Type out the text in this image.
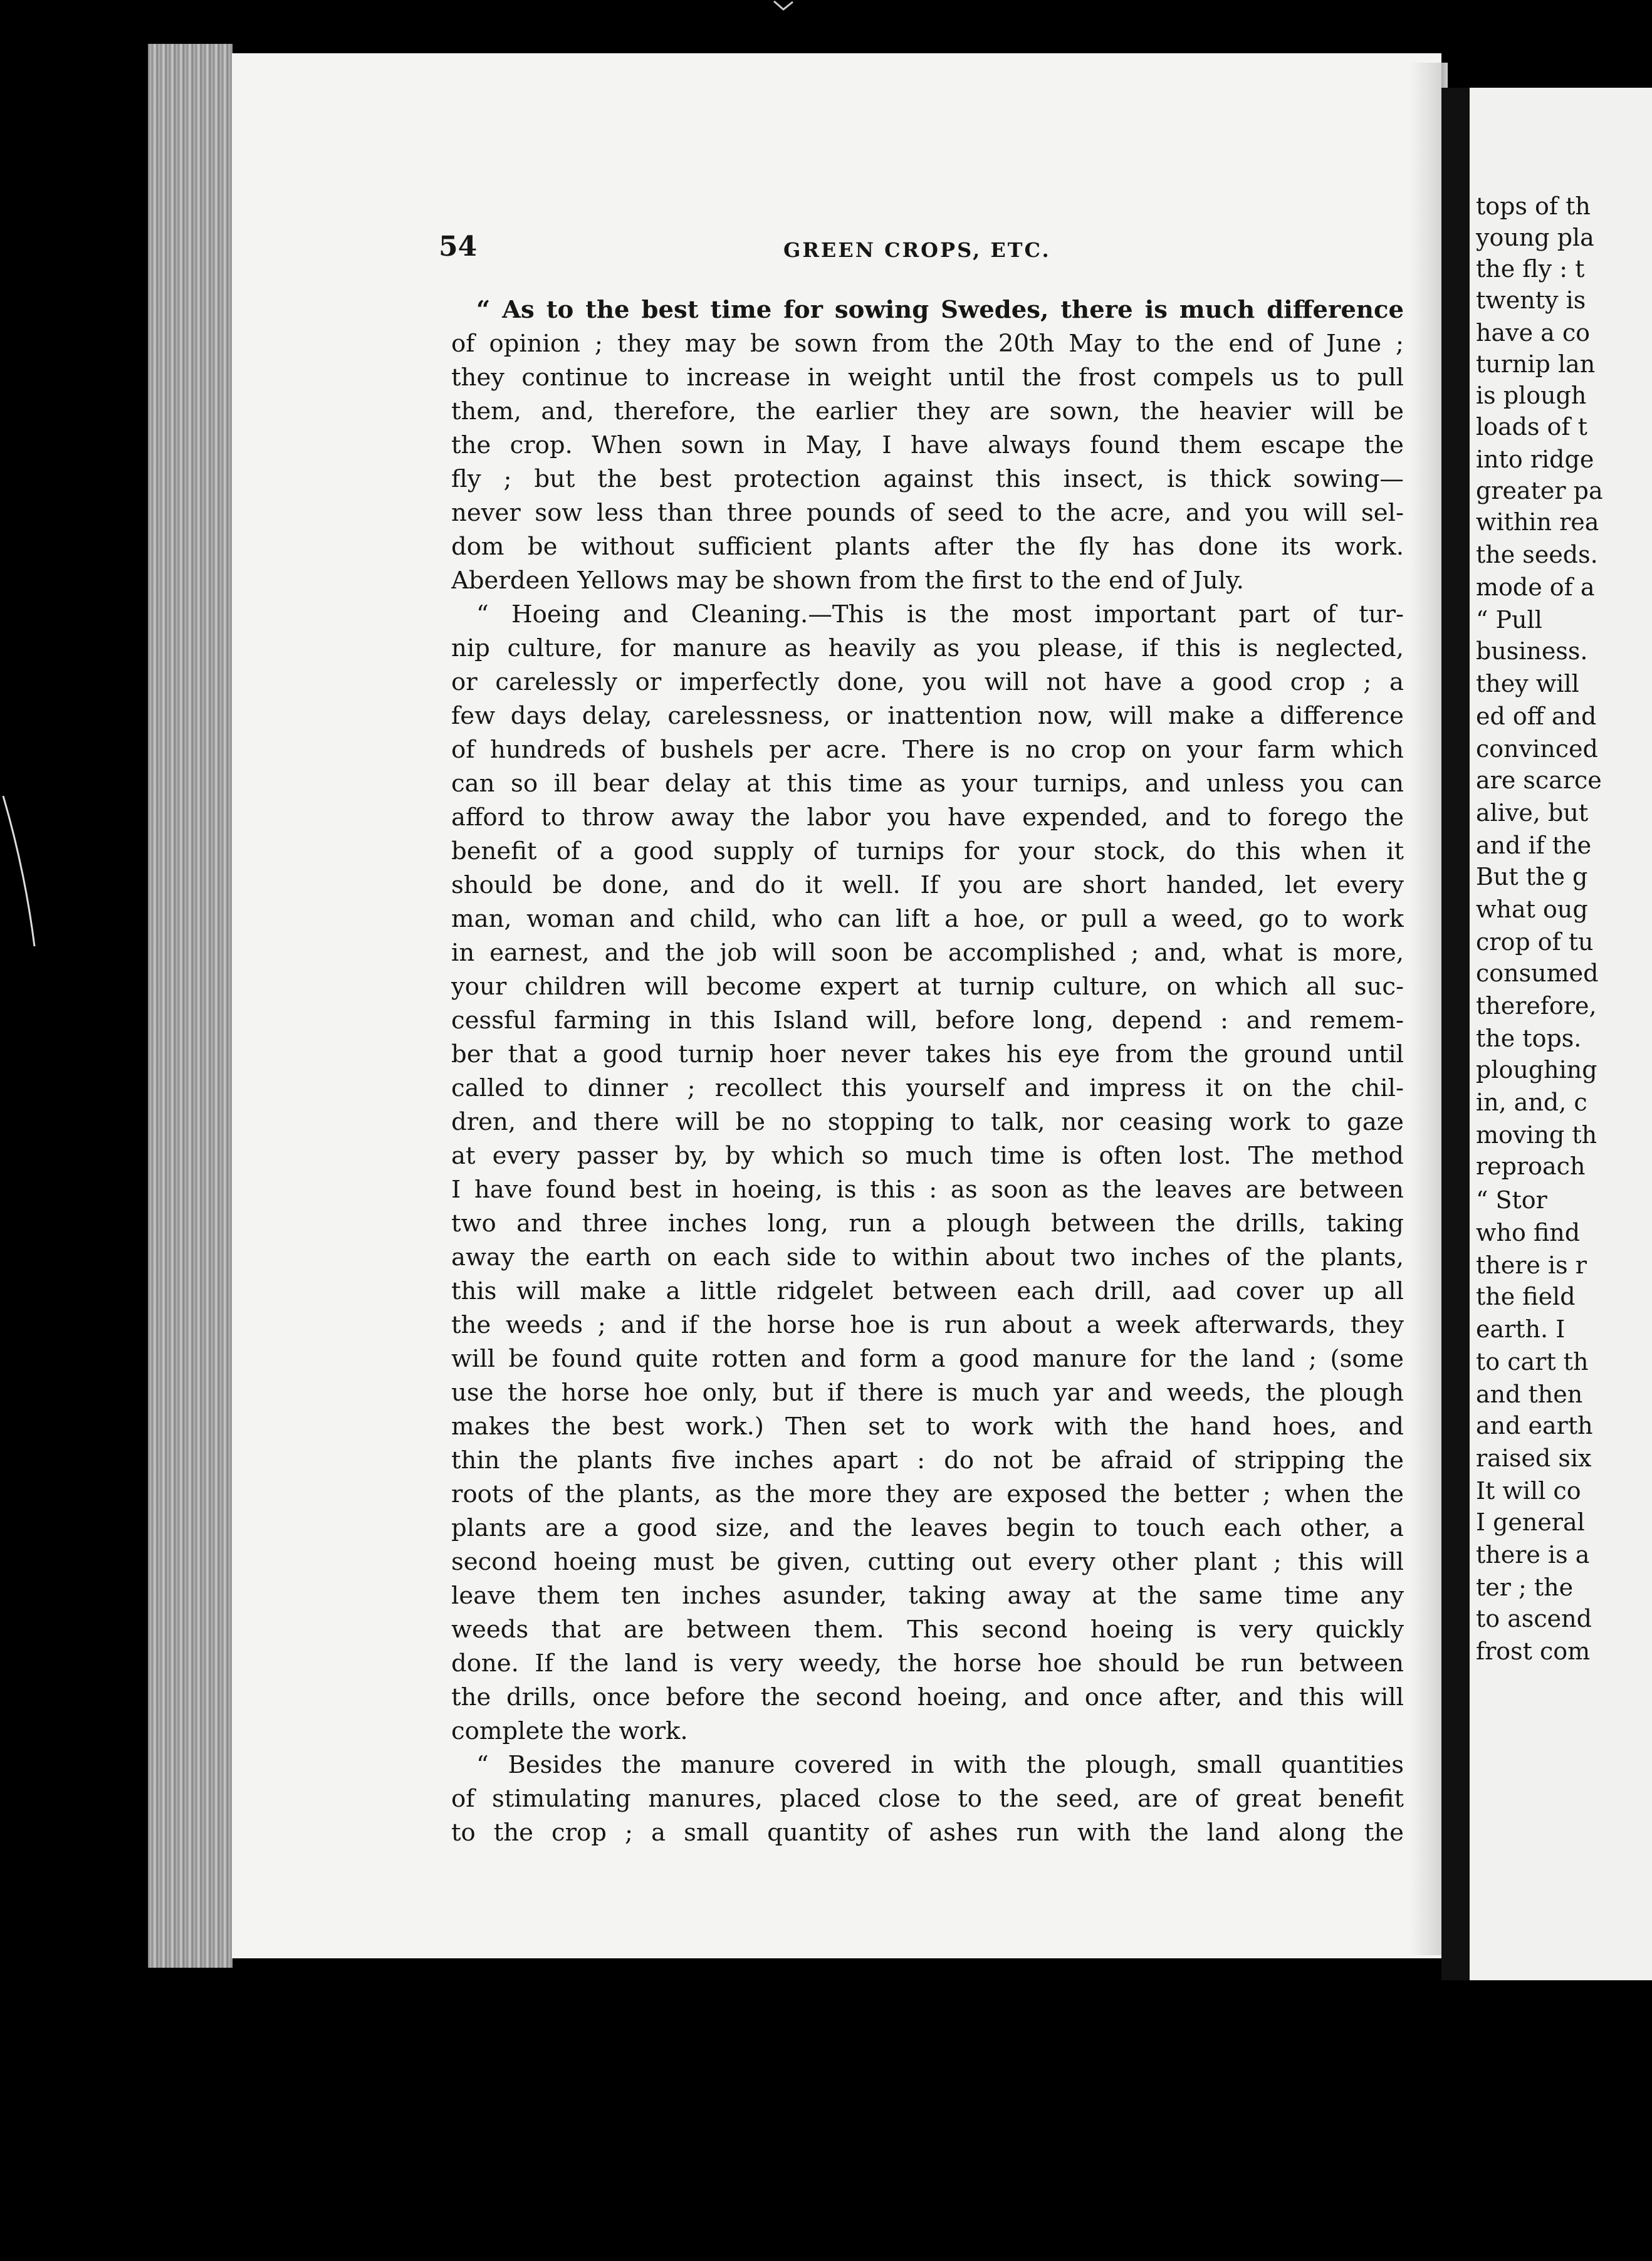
tops of th
young pla
the fly : t
twenty is
have a co
turnip lan
is plough
loads of t
into ridge
greater pa
within rea
the seeds.
mode of a
“ Pull
business.
they will
ed off and
convinced
are scarce
alive, but
and if the
But the g
what oug
crop of tu
consumed
therefore,
the tops.
ploughing
in, and, c
moving th
reproach
“ Stor
who find
there is r
the field
earth. I
to cart th
and then
and earth
raised six
It will co
I general
there is a
ter ; the
to ascend
frost com
54	GREEN CROPS, ETC.
“ As to the best time for sowing Swedes, there is much difference
of opinion ; they may be sown from the 20th May to the end of June ;
they continue to increase in weight until the frost compels us to pull
them, and, therefore, the earlier they are sown, the heavier will be
the crop. When sown in May, I have always found them escape the
fly ; but the best protection against this insect, is thick sowing—
never sow less than three pounds of seed to the acre, and you will sel-
dom be without sufficient plants after the fly has done its work.
Aberdeen Yellows may be shown from the first to the end of July.
“ Hoeing and Cleaning.—This is the most important part of tur-
nip culture, for manure as heavily as you please, if this is neglected,
or carelessly or imperfectly done, you will not have a good crop ; a
few days delay, carelessness, or inattention now, will make a difference
of hundreds of bushels per acre. There is no crop on your farm which
can so ill bear delay at this time as your turnips, and unless you can
afford to throw away the labor you have expended, and to forego the
benefit of a good supply of turnips for your stock, do this when it
should be done, and do it well. If you are short handed, let every
man, woman and child, who can lift a hoe, or pull a weed, go to work
in earnest, and the job will soon be accomplished ; and, what is more,
your children will become expert at turnip culture, on which all suc-
cessful farming in this Island will, before long, depend : and remem-
ber that a good turnip hoer never takes his eye from the ground until
called to dinner ; recollect this yourself and impress it on the chil-
dren, and there will be no stopping to talk, nor ceasing work to gaze
at every passer by, by which so much time is often lost. The method
I have found best in hoeing, is this : as soon as the leaves are between
two and three inches long, run a plough between the drills, taking
away the earth on each side to within about two inches of the plants,
this will make a little ridgelet between each drill, aad cover up all
the weeds ; and if the horse hoe is run about a week afterwards, they
will be found quite rotten and form a good manure for the land ; (some
use the horse hoe only, but if there is much yar and weeds, the plough
makes the best work.) Then set to work with the hand hoes, and
thin the plants five inches apart : do not be afraid of stripping the
roots of the plants, as the more they are exposed the better ; when the
plants are a good size, and the leaves begin to touch each other, a
second hoeing must be given, cutting out every other plant ; this will
leave them ten inches asunder, taking away at the same time any
weeds that are between them. This second hoeing is very quickly
done. If the land is very weedy, the horse hoe should be run between
the drills, once before the second hoeing, and once after, and this will
complete the work.
“ Besides the manure covered in with the plough, small quantities
of stimulating manures, placed close to the seed, are of great benefit
to the crop ; a small quantity of ashes run with the land along the
